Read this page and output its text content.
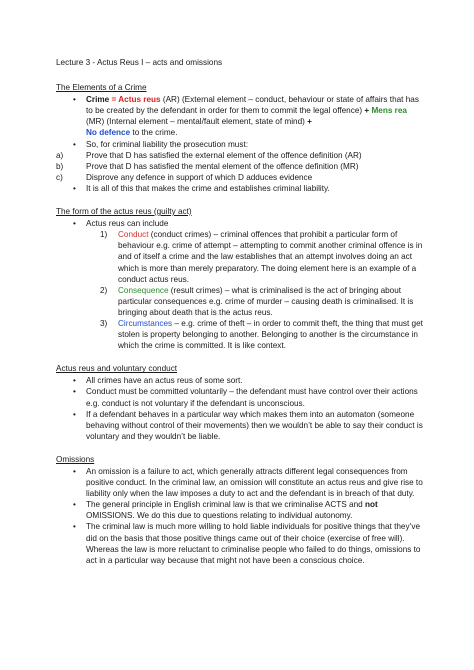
Lecture 3 - Actus Reus I – acts and omissions
The Elements of a Crime
• Crime = Actus reus (AR) (External element – conduct, behaviour or state of affairs that has to be created by the defendant in order for them to commit the legal offence) + Mens rea (MR) (Internal element – mental/fault element, state of mind) +
No defence to the crime.
• So, for criminal liability the prosecution must:
a)	Prove that D has satisfied the external element of the offence definition (AR)
b)	Prove that D has satisfied the mental element of the offence definition (MR)
c)	Disprove any defence in support of which D adduces evidence
• It is all of this that makes the crime and establishes criminal liability.
The form of the actus reus (guilty act)
• Actus reus can include
1) Conduct (conduct crimes) – criminal offences that prohibit a particular form of behaviour e.g. crime of attempt – attempting to commit another criminal offence is in and of itself a crime and the law establishes that an attempt involves doing an act which is more than merely preparatory. The doing element here is an example of a conduct actus reus.
2) Consequence (result crimes) – what is criminalised is the act of bringing about particular consequences e.g. crime of murder – causing death is criminalised. It is bringing about death that is the actus reus.
3) Circumstances – e.g. crime of theft – in order to commit theft, the thing that must get stolen is property belonging to another. Belonging to another is the circumstance in which the crime is committed. It is like context.
Actus reus and voluntary conduct
• All crimes have an actus reus of some sort.
• Conduct must be committed voluntarily – the defendant must have control over their actions e.g. conduct is not voluntary if the defendant is unconscious.
• If a defendant behaves in a particular way which makes them into an automaton (someone behaving without control of their movements) then we wouldn’t be able to say their conduct is voluntary and they wouldn’t be liable.
Omissions
• An omission is a failure to act, which generally attracts different legal consequences from positive conduct. In the criminal law, an omission will constitute an actus reus and give rise to liability only when the law imposes a duty to act and the defendant is in breach of that duty.
• The general principle in English criminal law is that we criminalise ACTS and not OMISSIONS. We do this due to questions relating to individual autonomy.
• The criminal law is much more willing to hold liable individuals for positive things that they’ve did on the basis that those positive things came out of their choice (exercise of free will). Whereas the law is more reluctant to criminalise people who failed to do things, omissions to act in a particular way because that might not have been a conscious choice.
